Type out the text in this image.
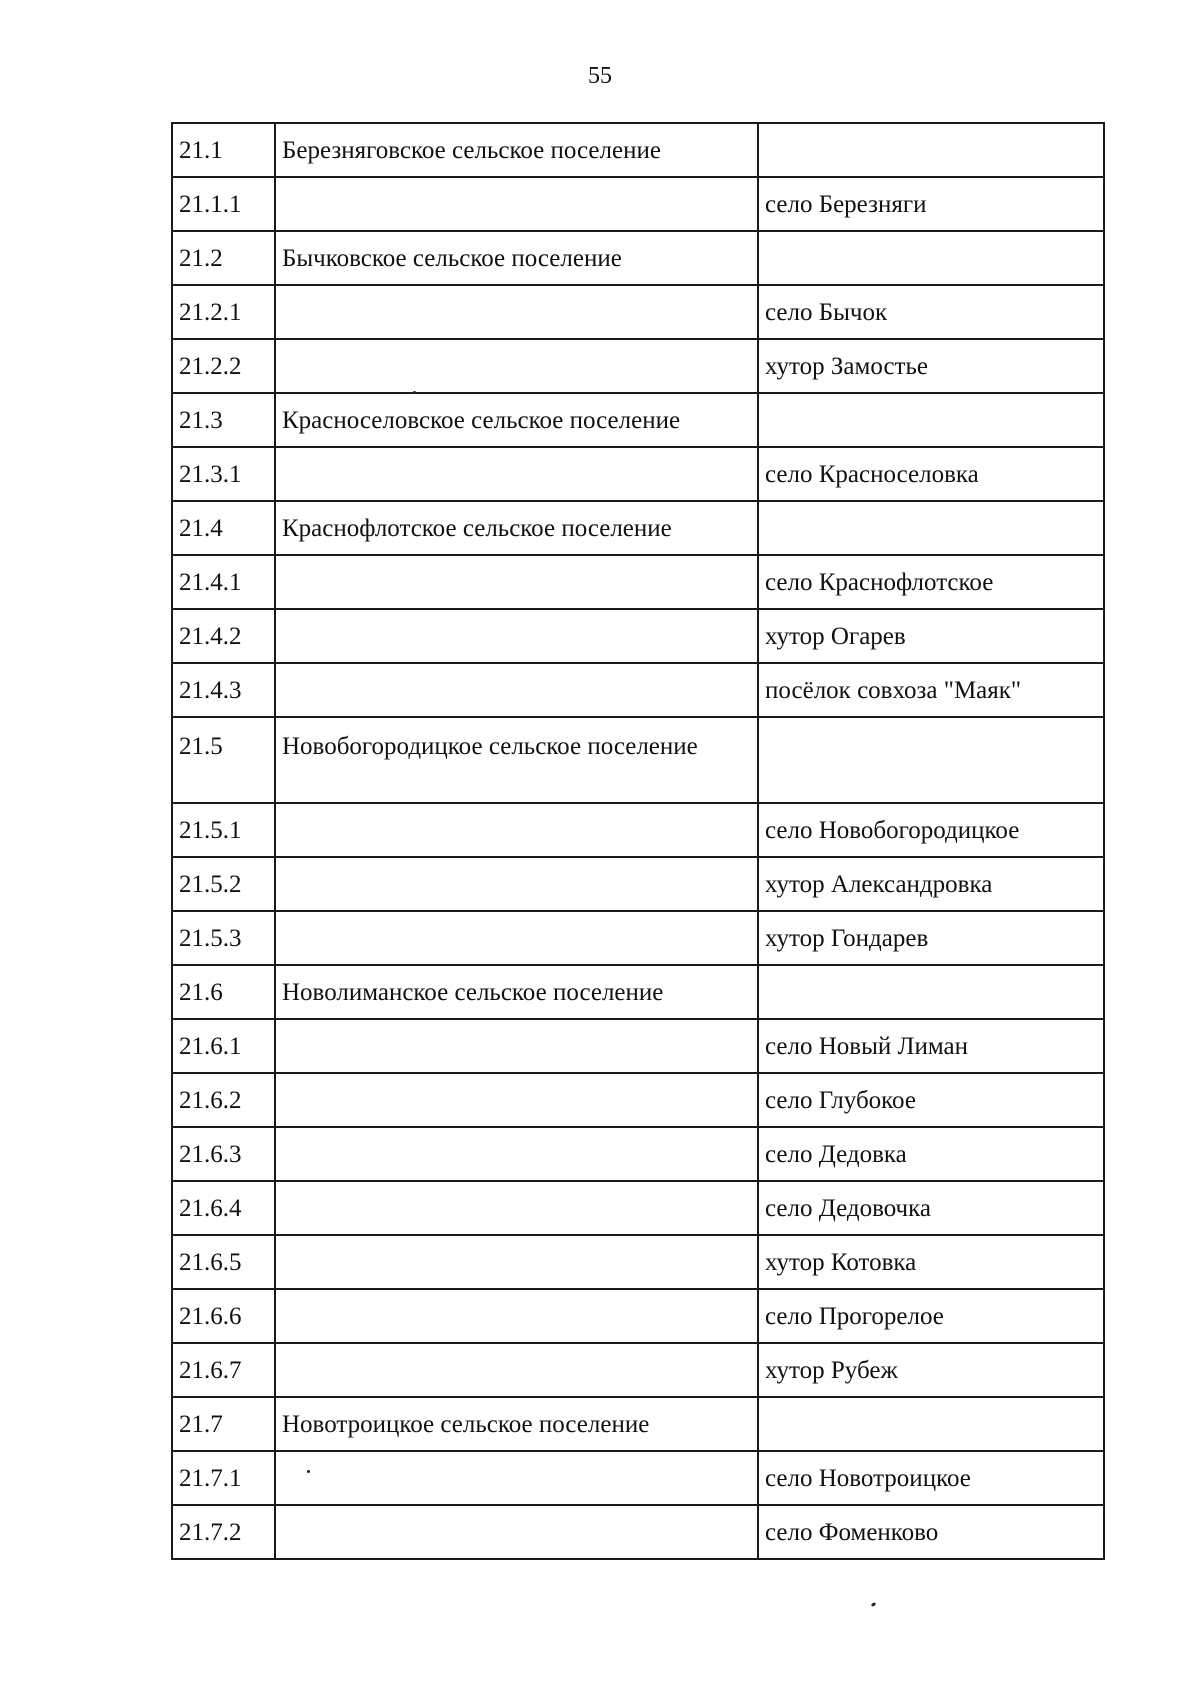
55
21.1	Березняговское сельское поселение	
21.1.1		село Березняги
21.2	Бычковское сельское поселение	
21.2.1		село Бычок
21.2.2		хутор Замостье
21.3	Красноселовское сельское поселение	
21.3.1		село Красноселовка
21.4	Краснофлотское сельское поселение	
21.4.1		село Краснофлотское
21.4.2		хутор Огарев
21.4.3		посёлок совхоза "Маяк"
21.5	Новобогородицкое сельское поселение	
21.5.1		село Новобогородицкое
21.5.2		хутор Александровка
21.5.3		хутор Гондарев
21.6	Новолиманское сельское поселение	
21.6.1		село Новый Лиман
21.6.2		село Глубокое
21.6.3		село Дедовка
21.6.4		село Дедовочка
21.6.5		хутор Котовка
21.6.6		село Прогорелое
21.6.7		хутор Рубеж
21.7	Новотроицкое сельское поселение	
21.7.1		село Новотроицкое
21.7.2		село Фоменково
